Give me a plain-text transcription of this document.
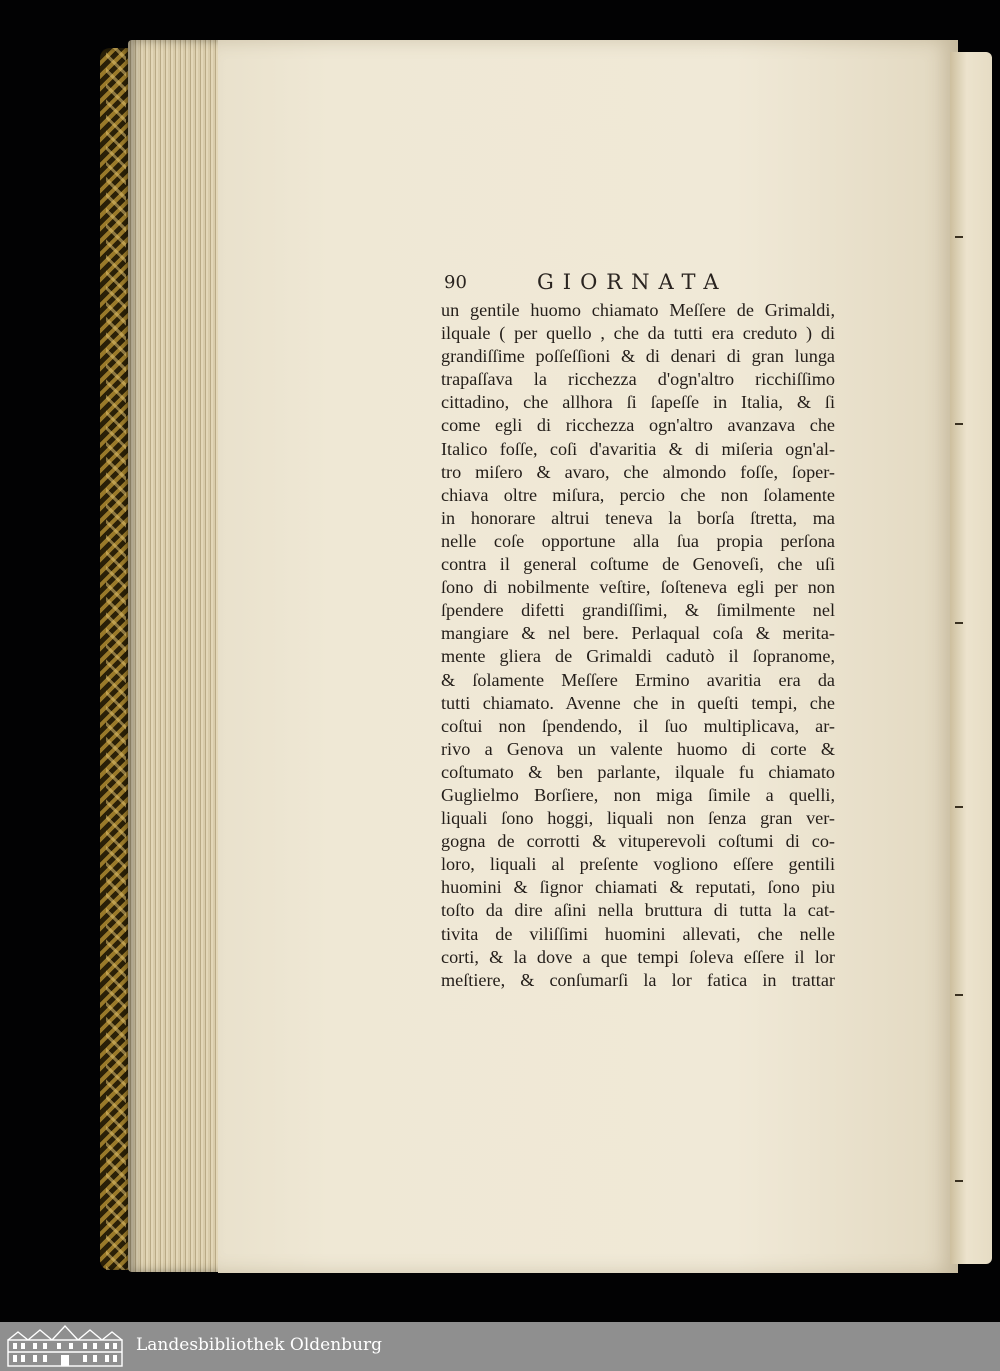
90	GIORNATA
un gentile huomo chiamato Meſſere de Grimaldi,
ilquale ( per quello , che da tutti era creduto ) di
grandiſſime poſſeſſioni & di denari di gran lunga
trapaſſava la ricchezza d'ogn'altro ricchiſſimo
cittadino, che allhora ſi ſapeſſe in Italia, & ſi
come egli di ricchezza ogn'altro avanzava che
Italico foſſe, coſi d'avaritia & di miſeria ogn'al-
tro miſero & avaro, che almondo foſſe, ſoper-
chiava oltre miſura, percio che non ſolamente
in honorare altrui teneva la borſa ſtretta, ma
nelle coſe opportune alla ſua propia perſona
contra il general coſtume de Genoveſi, che uſi
ſono di nobilmente veſtire, ſoſteneva egli per non
ſpendere difetti grandiſſimi, & ſimilmente nel
mangiare & nel bere. Perlaqual coſa & merita-
mente gliera de Grimaldi cadutò il ſopranome,
& ſolamente Meſſere Ermino avaritia era da
tutti chiamato. Avenne che in queſti tempi, che
coſtui non ſpendendo, il ſuo multiplicava, ar-
rivo a Genova un valente huomo di corte &
coſtumato & ben parlante, ilquale fu chiamato
Guglielmo Borſiere, non miga ſimile a quelli,
liquali ſono hoggi, liquali non ſenza gran ver-
gogna de corrotti & vituperevoli coſtumi di co-
loro, liquali al preſente vogliono eſſere gentili
huomini & ſignor chiamati & reputati, ſono piu
toſto da dire aſini nella bruttura di tutta la cat-
tivita de viliſſimi huomini allevati, che nelle
corti, & la dove a que tempi ſoleva eſſere il lor
meſtiere, & conſumarſi la lor fatica in trattar
Landesbibliothek Oldenburg
